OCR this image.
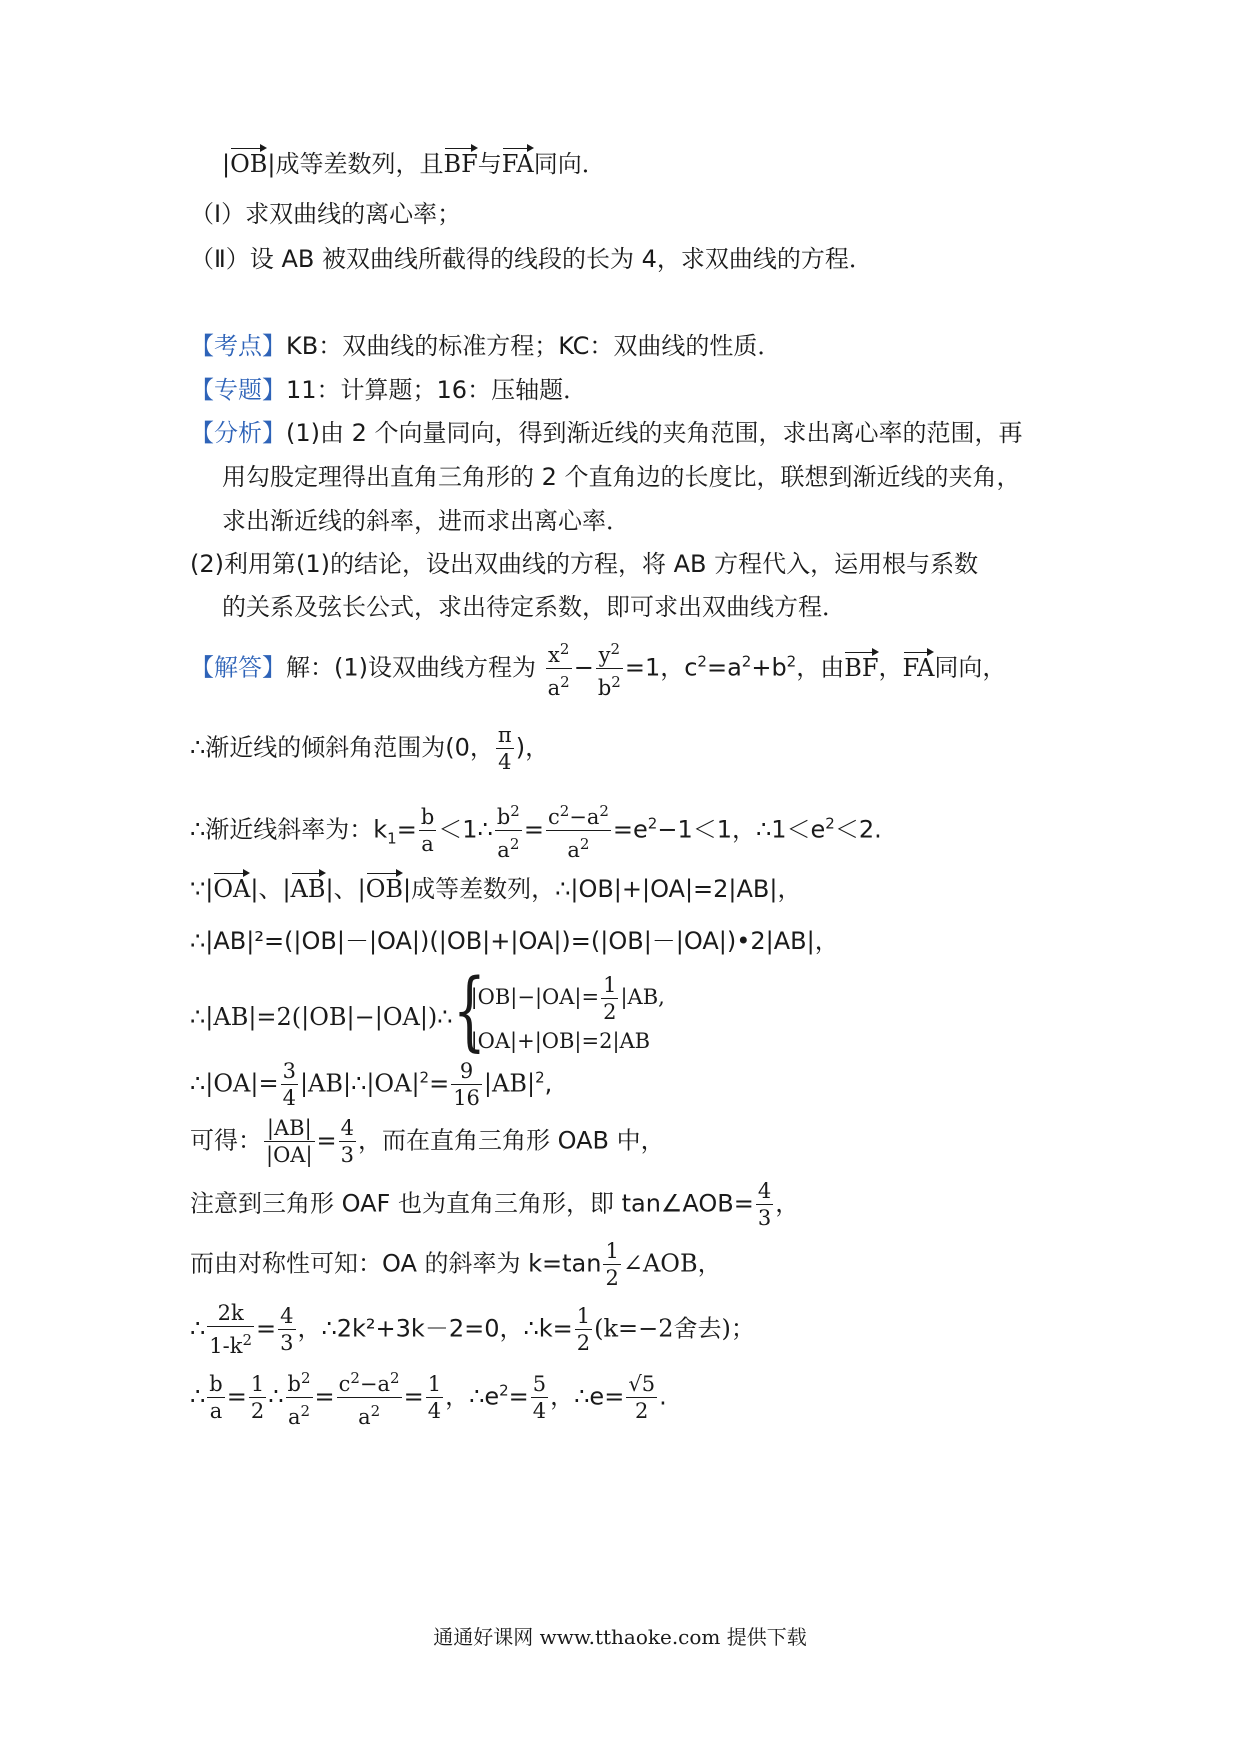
|OB|成等差数列，且BF与FA同向．
（Ⅰ）求双曲线的离心率；
（Ⅱ）设 AB 被双曲线所截得的线段的长为 4，求双曲线的方程．
【考点】KB：双曲线的标准方程；KC：双曲线的性质．
【专题】11：计算题；16：压轴题．
【分析】(1)由 2 个向量同向，得到渐近线的夹角范围，求出离心率的范围，再
用勾股定理得出直角三角形的 2 个直角边的长度比，联想到渐近线的夹角，
求出渐近线的斜率，进而求出离心率．
(2)利用第(1)的结论，设出双曲线的方程，将 AB 方程代入，运用根与系数
的关系及弦长公式，求出待定系数，即可求出双曲线方程．
【解答】解：(1)设双曲线方程为 $\frac{x^2}{a^2} - \frac{y^2}{b^2} =1$，$c^2=a^2+b^2$，由BF，FA同向，
∴渐近线的倾斜角范围为(0， $\frac{\pi}{4}$ )，
∴渐近线斜率为：$k_1= \frac{b}{a}$ ＜1∴ $\frac{b^2}{a^2} = \frac{c^2-a^2}{a^2} =e^2-1<1$，$\therefore 1<e^2<2$.
∵|OA|、|AB|、|OB|成等差数列，∴|OB|+|OA|=2|AB|，
∴|AB|²=(|OB|－|OA|)(|OB|+|OA|)=(|OB|－|OA|)•2|AB|，
∴|AB|=2(|OB|−|OA|)∴ {
$|OB|-|OA|= \frac{1}{2} |AB$,
|OA|+|OB|=2|AB
∴|OA|= $\frac{3}{4}$ $|AB|\therefore|OA|^2= \frac{9}{16} |AB|^2$,
可得： $\frac{|AB|}{|OA|} = \frac{4}{3}$ ，而在直角三角形 OAB 中，
注意到三角形 OAF 也为直角三角形，即 tan∠AOB= $\frac{4}{3}$ ，
而由对称性可知：OA 的斜率为 $k=\tan \frac{1}{2}$ ∠AOB，
∴ $\frac{2k}{1-k^2} = \frac{4}{3}$ ，∴2k²+3k－2=0，∴k= $\frac{1}{2} (k=-2$舍去)；
∴ $\frac{b}{a} = \frac{1}{2}$ ∴ $\frac{b^2}{a^2} = \frac{c^2-a^2}{a^2} = \frac{1}{4}$ ，$\therefore e^2= \frac{5}{4}$ ，∴e= $\frac{√5}{2}$ .
通通好课网 www.tthaoke.com 提供下载
